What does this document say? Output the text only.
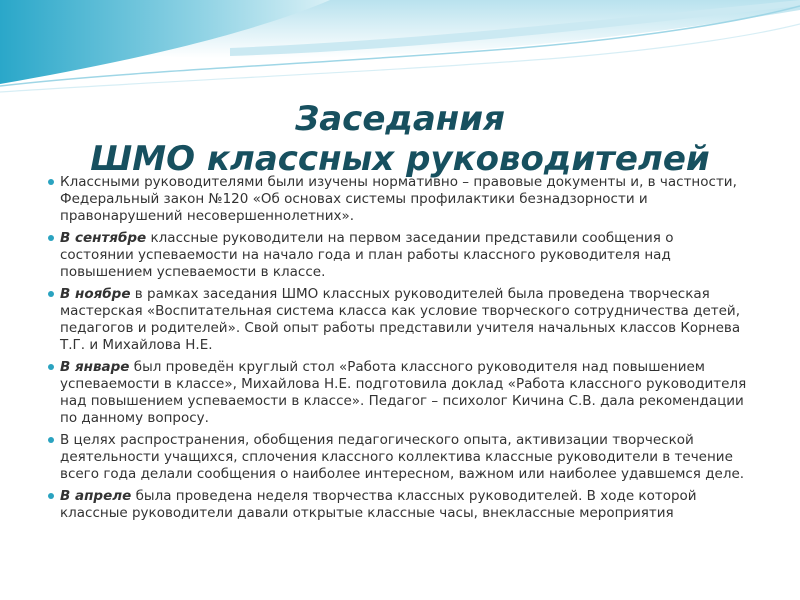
Заседания
ШМО классных руководителей
Классными руководителями были изучены нормативно – правовые документы и, в частности, Федеральный закон №120 «Об основах системы профилактики безнадзорности и правонарушений несовершеннолетних».
В сентябре классные руководители на первом заседании представили сообщения о состоянии успеваемости на начало года и план работы классного руководителя над повышением успеваемости в классе.
В ноябре в рамках заседания ШМО классных руководителей была проведена творческая мастерская «Воспитательная система класса как условие творческого сотрудничества детей, педагогов и родителей». Свой опыт работы представили учителя начальных классов Корнева Т.Г. и Михайлова Н.Е.
В январе был проведён круглый стол «Работа классного руководителя над повышением успеваемости в классе», Михайлова Н.Е. подготовила доклад «Работа классного руководителя над повышением успеваемости в классе». Педагог – психолог Кичина С.В. дала рекомендации по данному вопросу.
В целях распространения, обобщения педагогического опыта, активизации творческой деятельности учащихся, сплочения классного коллектива классные руководители в течение всего года делали сообщения о наиболее интересном, важном или наиболее удавшемся деле.
В апреле была проведена неделя творчества классных руководителей. В ходе которой классные руководители давали открытые классные часы, внеклассные мероприятия
